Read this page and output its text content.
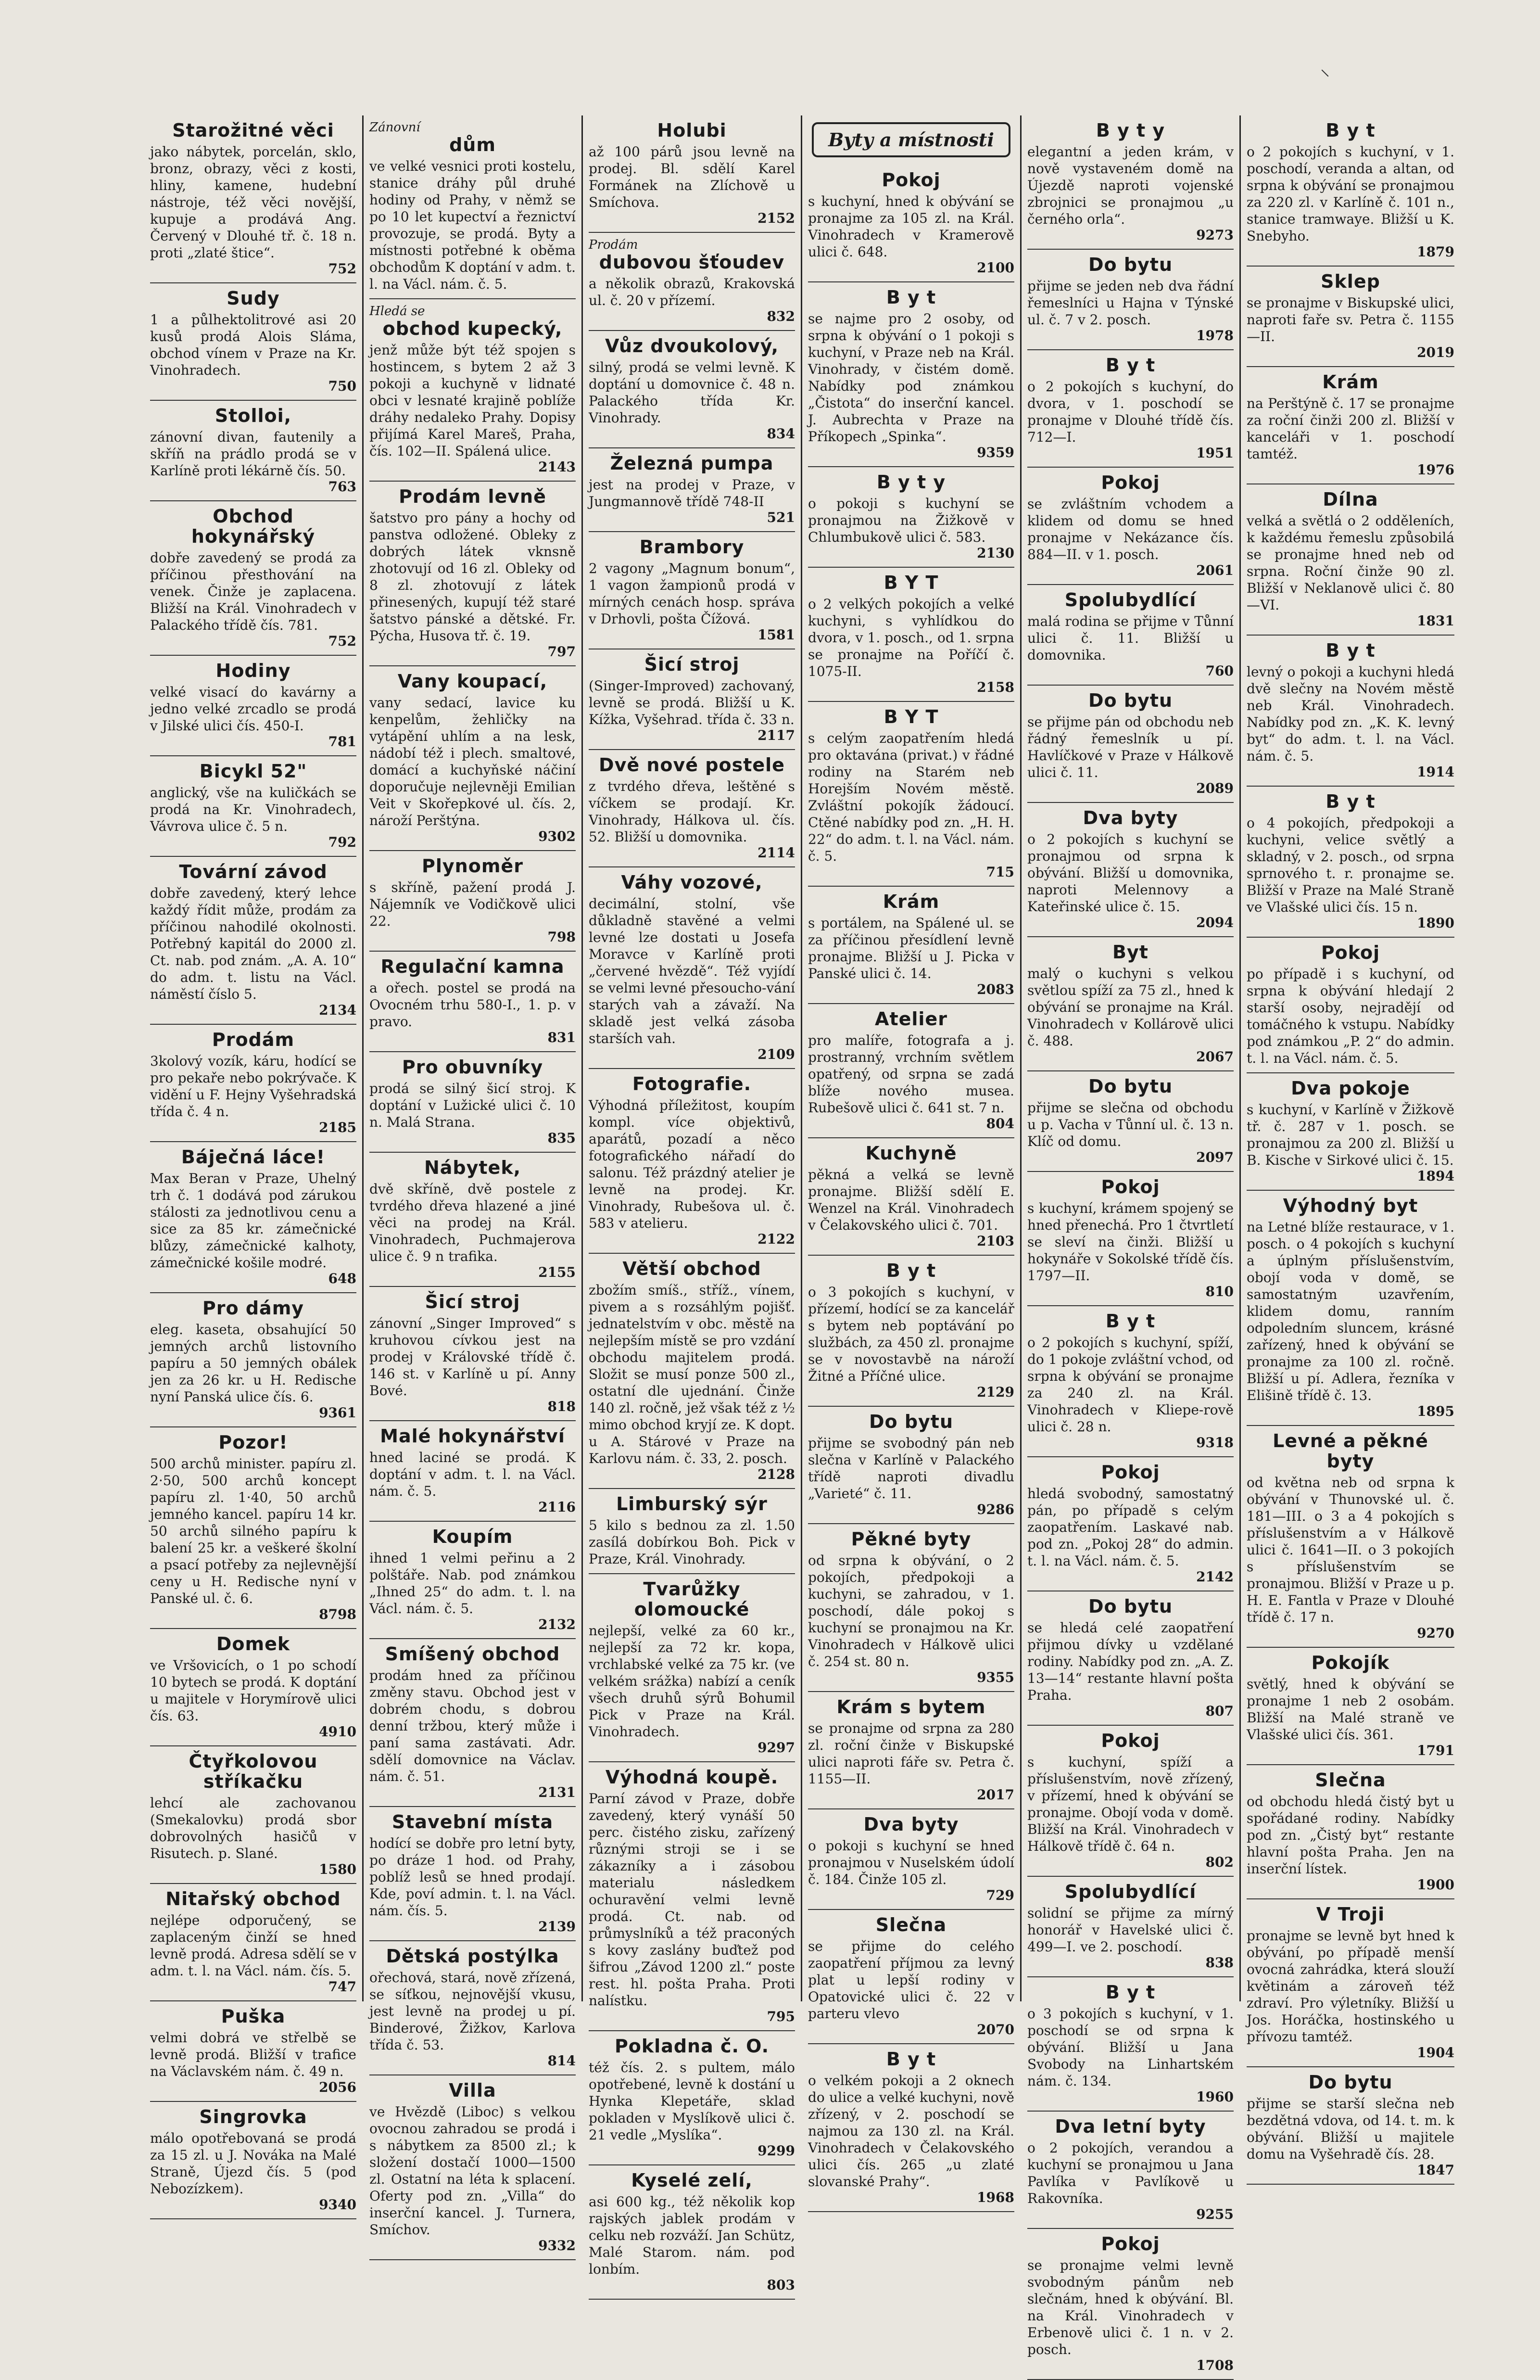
Starožitné věci

jako nábytek, porcelán, sklo, bronz, obrazy, věci z kosti, hliny, kamene, hudební nástroje, též věci novější, kupuje a prodává Ang. Červený v Dlouhé tř. č. 18 n. proti „zlaté štice“.

752
Sudy

1 a půlhektolitrové asi 20 kusů prodá Alois Sláma, obchod vínem v Praze na Kr. Vinohradech.

750
Stolloi,

zánovní divan, fautenily a skříň na prádlo prodá se v Karlíně proti lékárně čís. 50.

763
Obchod hokynářský

dobře zavedený se prodá za příčinou přesthování na venek. Činže je zaplacena. Bližší na Král. Vinohradech v Palackého třídě čís. 781.

752
Hodiny

velké visací do kavárny a jedno velké zrcadlo se prodá v Jilské ulici čís. 450-I.

781
Bicykl 52"

anglický, vše na kuličkách se prodá na Kr. Vinohradech, Vávrova ulice č. 5 n.

792
Tovární závod

dobře zavedený, který lehce každý řídit může, prodám za příčinou nahodilé okolnosti. Potřebný kapitál do 2000 zl. Ct. nab. pod znám. „A. A. 10“ do adm. t. listu na Václ. náměstí číslo 5.

2134
Prodám

3kolový vozík, káru, hodící se pro pekaře nebo pokrývače. K vidění u F. Hejny Vyšehradská třída č. 4 n.

2185
Báječná láce!

Max Beran v Praze, Uhelný trh č. 1 dodává pod zárukou stálosti za jednotlivou cenu a sice za 85 kr. zámečnické blůzy, zámečnické kalhoty, zámečnické košile modré.

648
Pro dámy

eleg. kaseta, obsahující 50 jemných archů listovního papíru a 50 jemných obálek jen za 26 kr. u H. Redische nyní Panská ulice čís. 6.

9361
Pozor!

500 archů minister. papíru zl. 2·50, 500 archů koncept papíru zl. 1·40, 50 archů jemného kancel. papíru 14 kr. 50 archů silného papíru k balení 25 kr. a veškeré školní a psací potřeby za nejlevnější ceny u H. Redische nyní v Panské ul. č. 6.

8798
Domek

ve Vršovicích, o 1 po schodí 10 bytech se prodá. K doptání u majitele v Horymírově ulici čís. 63.

4910
Čtyřkolovou stříkačku

lehcí ale zachovanou (Smekalovku) prodá sbor dobrovolných hasičů v Risutech. p. Slané.

1580
Nitařský obchod

nejlépe odporučený, se zaplaceným činží se hned levně prodá. Adresa sdělí se v adm. t. l. na Václ. nám. čís. 5.

747
Puška

velmi dobrá ve střelbě se levně prodá. Bližší v trafice na Václavském nám. č. 49 n.

2056
Singrovka

málo opotřebovaná se prodá za 15 zl. u J. Nováka na Malé Straně, Újezd čís. 5 (pod Nebozízkem).

9340
Zánovní
dům

ve velké vesnici proti kostelu, stanice dráhy půl druhé hodiny od Prahy, v němž se po 10 let kupectví a řeznictví provozuje, se prodá. Byty a místnosti potřebné k oběma obchodům K doptání v adm. t. l. na Václ. nám. č. 5.

Hledá se
obchod kupecký,

jenž může být též spojen s hostincem, s bytem 2 až 3 pokoji a kuchyně v lidnaté obci v lesnaté krajině poblíže dráhy nedaleko Prahy. Dopisy přijímá Karel Mareš, Praha, čís. 102—II. Spálená ulice.

2143
Prodám levně

šatstvo pro pány a hochy od panstva odložené. Obleky z dobrých látek vknsně zhotovují od 16 zl. Obleky od 8 zl. zhotovují z látek přinesených, kupují též staré šatstvo pánské a dětské. Fr. Pýcha, Husova tř. č. 19.

797
Vany koupací,

vany sedací, lavice ku kenpelům, žehličky na vytápění uhlím a na lesk, nádobí též i plech. smaltové, domácí a kuchyňské náčiní doporučuje nejlevněji Emilian Veit v Skořepkové ul. čís. 2, nároží Perštýna.

9302
Plynoměr

s skříně, pažení prodá J. Nájemník ve Vodičkově ulici 22.

798
Regulační kamna

a ořech. postel se prodá na Ovocném trhu 580-I., 1. p. v pravo.

831
Pro obuvníky

prodá se silný šicí stroj. K doptání v Lužické ulici č. 10 n. Malá Strana.

835
Nábytek,

dvě skříně, dvě postele z tvrdého dřeva hlazené a jiné věci na prodej na Král. Vinohradech, Puchmajerova ulice č. 9 n trafika.

2155
Šicí stroj

zánovní „Singer Improved“ s kruhovou cívkou jest na prodej v Královské třídě č. 146 st. v Karlíně u pí. Anny Bové.

818
Malé hokynářství

hned laciné se prodá. K doptání v adm. t. l. na Václ. nám. č. 5.

2116
Koupím

ihned 1 velmi peřinu a 2 polštáře. Nab. pod známkou „Ihned 25“ do adm. t. l. na Václ. nám. č. 5.

2132
Smíšený obchod

prodám hned za příčinou změny stavu. Obchod jest v dobrém chodu, s dobrou denní tržbou, který může i paní sama zastávati. Adr. sdělí domovnice na Václav. nám. č. 51.

2131
Stavební místa

hodící se dobře pro letní byty, po dráze 1 hod. od Prahy, poblíž lesů se hned prodají. Kde, poví admin. t. l. na Václ. nám. čís. 5.

2139
Dětská postýlka

ořechová, stará, nově zřízená, se síťkou, nejnovější vkusu, jest levně na prodej u pí. Binderové, Žižkov, Karlova třída č. 53.

814
Villa

ve Hvězdě (Liboc) s velkou ovocnou zahradou se prodá i s nábytkem za 8500 zl.; k složení dostačí 1000—1500 zl. Ostatní na léta k splacení. Oferty pod zn. „Villa“ do inserční kancel. J. Turnera, Smíchov.

9332
Holubi

až 100 párů jsou levně na prodej. Bl. sdělí Karel Formánek na Zlíchově u Smíchova.

2152
Prodám
dubovou šťoudev

a několik obrazů, Krakovská ul. č. 20 v přízemí.

832
Vůz dvoukolový,

silný, prodá se velmi levně. K doptání u domovnice č. 48 n. Palackého třída Kr. Vinohrady.

834
Železná pumpa

jest na prodej v Praze, v Jungmannově třídě 748-II

521
Brambory

2 vagony „Magnum bonum“, 1 vagon žampionů prodá v mírných cenách hosp. správa v Drhovli, pošta Čížová.

1581
Šicí stroj

(Singer-Improved) zachovaný, levně se prodá. Bližší u K. Kížka, Vyšehrad. třída č. 33 n.

2117
Dvě nové postele

z tvrdého dřeva, leštěné s víčkem se prodají. Kr. Vinohrady, Hálkova ul. čís. 52. Bližší u domovnika.

2114
Váhy vozové,

decimální, stolní, vše důkladně stavěné a velmi levné lze dostati u Josefa Moravce v Karlíně proti „červené hvězdě“. Též vyjídí se velmi levné přesoucho-vání starých vah a závaží. Na skladě jest velká zásoba starších vah.

2109
Fotografie.

Výhodná příležitost, koupím kompl. více objektivů, aparátů, pozadí a něco fotografického nářadí do salonu. Též prázdný atelier je levně na prodej. Kr. Vinohrady, Rubešova ul. č. 583 v atelieru.

2122
Větší obchod

zbožím smíš., stříž., vínem, pivem a s rozsáhlým pojišť. jednatelstvím v obc. městě na nejlepším místě se pro vzdání obchodu majitelem prodá. Složit se musí ponze 500 zl., ostatní dle ujednání. Činže 140 zl. ročně, jež však též z ½ mimo obchod kryjí ze. K dopt. u A. Stárové v Praze na Karlovu nám. č. 33, 2. posch.

2128
Limburský sýr

5 kilo s bednou za zl. 1.50 zasílá dobírkou Boh. Pick v Praze, Král. Vinohrady.

Tvarůžky olomoucké

nejlepší, velké za 60 kr., nejlepší za 72 kr. kopa, vrchlabské velké za 75 kr. (ve velkém srážka) nabízí a ceník všech druhů sýrů Bohumil Pick v Praze na Král. Vinohradech.

9297
Výhodná koupě.

Parní závod v Praze, dobře zavedený, který vynáší 50 perc. čistého zisku, zařízený různými stroji se i se zákazníky a i zásobou materialu následkem ochuravění velmi levně prodá. Ct. nab. od průmyslníků a též praconých s kovy zaslány buďtež pod šifrou „Závod 1200 zl.“ poste rest. hl. pošta Praha. Proti nalístku.

795
Pokladna č. O.

též čís. 2. s pultem, málo opotřebené, levně k dostání u Hynka Klepetáře, sklad pokladen v Myslíkově ulici č. 21 vedle „Myslíka“.

9299
Kyselé zelí,

asi 600 kg., též několik kop rajských jablek prodám v celku neb rozváží. Jan Schütz, Malé Starom. nám. pod lonbím.

803
Byty a místnosti
Pokoj

s kuchyní, hned k obývání se pronajme za 105 zl. na Král. Vinohradech v Kramerově ulici č. 648.

2100
B y t

se najme pro 2 osoby, od srpna k obývání o 1 pokoji s kuchyní, v Praze neb na Král. Vinohrady, v čistém domě. Nabídky pod známkou „Čistota“ do inserční kancel. J. Aubrechta v Praze na Příkopech „Spinka“.

9359
B y t y

o pokoji s kuchyní se pronajmou na Žižkově v Chlumbukově ulici č. 583.

2130
B Y T

o 2 velkých pokojích a velké kuchyni, s vyhlídkou do dvora, v 1. posch., od 1. srpna se pronajme na Poříčí č. 1075-II.

2158
B Y T

s celým zaopatřením hledá pro oktavána (privat.) v řádné rodiny na Starém neb Horejším Novém městě. Zvláštní pokojík žádoucí. Ctěné nabídky pod zn. „H. H. 22“ do adm. t. l. na Václ. nám. č. 5.

715
Krám

s portálem, na Spálené ul. se za příčinou přesídlení levně pronajme. Bližší u J. Picka v Panské ulici č. 14.

2083
Atelier

pro malíře, fotografa a j. prostranný, vrchním světlem opatřený, od srpna se zadá blíže nového musea. Rubešově ulici č. 641 st. 7 n.

804
Kuchyně

pěkná a velká se levně pronajme. Bližší sdělí E. Wenzel na Král. Vinohradech v Čelakovského ulici č. 701.

2103
B y t

o 3 pokojích s kuchyní, v přízemí, hodící se za kancelář s bytem neb poptávání po službách, za 450 zl. pronajme se v novostavbě na nároží Žitné a Příčné ulice.

2129
Do bytu

přijme se svobodný pán neb slečna v Karlíně v Palackého třídě naproti divadlu „Varieté“ č. 11.

9286
Pěkné byty

od srpna k obývání, o 2 pokojích, předpokoji a kuchyni, se zahradou, v 1. poschodí, dále pokoj s kuchyní se pronajmou na Kr. Vinohradech v Hálkově ulici č. 254 st. 80 n.

9355
Krám s bytem

se pronajme od srpna za 280 zl. roční činže v Biskupské ulici naproti fáře sv. Petra č. 1155—II.

2017
Dva byty

o pokoji s kuchyní se hned pronajmou v Nuselském údolí č. 184. Činže 105 zl.

729
Slečna

se přijme do celého zaopatření příjmou za levný plat u lepší rodiny v Opatovické ulici č. 22 v parteru vlevo

2070
B y t

o velkém pokoji a 2 oknech do ulice a velké kuchyni, nově zřízený, v 2. poschodí se najmou za 130 zl. na Král. Vinohradech v Čelakovského ulici čís. 265 „u zlaté slovanské Prahy“.

1968
B y t y

elegantní a jeden krám, v nově vystaveném domě na Újezdě naproti vojenské zbrojnici se pronajmou „u černého orla“.

9273
Do bytu

přijme se jeden neb dva řádní řemeslníci u Hajna v Týnské ul. č. 7 v 2. posch.

1978
B y t

o 2 pokojích s kuchyní, do dvora, v 1. poschodí se pronajme v Dlouhé třídě čís. 712—I.

1951
Pokoj

se zvláštním vchodem a klidem od domu se hned pronajme v Nekázance čís. 884—II. v 1. posch.

2061
Spolubydlící

malá rodina se přijme v Tůnní ulici č. 11. Bližší u domovnika.

760
Do bytu

se přijme pán od obchodu neb řádný řemeslník u pí. Havlíčkové v Praze v Hálkově ulici č. 11.

2089
Dva byty

o 2 pokojích s kuchyní se pronajmou od srpna k obývání. Bližší u domovnika, naproti Melennovy a Kateřinské ulice č. 15.

2094
Byt

malý o kuchyni s velkou světlou spíží za 75 zl., hned k obývání se pronajme na Král. Vinohradech v Kollárově ulici č. 488.

2067
Do bytu

přijme se slečna od obchodu u p. Vacha v Tůnní ul. č. 13 n. Klíč od domu.

2097
Pokoj

s kuchyní, krámem spojený se hned přenechá. Pro 1 čtvrtletí se sleví na činži. Bližší u hokynáře v Sokolské třídě čís. 1797—II.

810
B y t

o 2 pokojích s kuchyní, spíží, do 1 pokoje zvláštní vchod, od srpna k obývání se pronajme za 240 zl. na Král. Vinohradech v Kliepe-rově ulici č. 28 n.

9318
Pokoj

hledá svobodný, samostatný pán, po případě s celým zaopatřením. Laskavé nab. pod zn. „Pokoj 28“ do admin. t. l. na Václ. nám. č. 5.

2142
Do bytu

se hledá celé zaopatření přijmou dívky u vzdělané rodiny. Nabídky pod zn. „A. Z. 13—14“ restante hlavní pošta Praha.

807
Pokoj

s kuchyní, spíží a příslušenstvím, nově zřízený, v přízemí, hned k obývání se pronajme. Obojí voda v domě. Bližší na Král. Vinohradech v Hálkově třídě č. 64 n.

802
Spolubydlící

solidní se přijme za mírný honorář v Havelské ulici č. 499—I. ve 2. poschodí.

838
B y t

o 3 pokojích s kuchyní, v 1. poschodí se od srpna k obývání. Bližší u Jana Svobody na Linhartském nám. č. 134.

1960
Dva letní byty

o 2 pokojích, verandou a kuchyní se pronajmou u Jana Pavlíka v Pavlíkově u Rakovníka.

9255
Pokoj

se pronajme velmi levně svobodným pánům neb slečnám, hned k obývání. Bl. na Král. Vinohradech v Erbenově ulici č. 1 n. v 2. posch.

1708
B y t

o 2 pokojích s kuchyní, v 1. poschodí, veranda a altan, od srpna k obývání se pronajmou za 220 zl. v Karlíně č. 101 n., stanice tramwaye. Bližší u K. Snebyho.

1879
Sklep

se pronajme v Biskupské ulici, naproti faře sv. Petra č. 1155—II.

2019
Krám

na Perštýně č. 17 se pronajme za roční činži 200 zl. Bližší v kanceláři v 1. poschodí tamtéž.

1976
Dílna

velká a světlá o 2 odděleních, k každému řemeslu způsobilá se pronajme hned neb od srpna. Roční činže 90 zl. Bližší v Neklanově ulici č. 80—VI.

1831
B y t

levný o pokoji a kuchyni hledá dvě slečny na Novém městě neb Král. Vinohradech. Nabídky pod zn. „K. K. levný byt“ do adm. t. l. na Václ. nám. č. 5.

1914
B y t

o 4 pokojích, předpokoji a kuchyni, velice světlý a skladný, v 2. posch., od srpna sprnového t. r. pronajme se. Bližší v Praze na Malé Straně ve Vlašské ulici čís. 15 n.

1890
Pokoj

po případě i s kuchyní, od srpna k obývání hledají 2 starší osoby, nejradějí od tomáčného k vstupu. Nabídky pod známkou „P. 2“ do admin. t. l. na Václ. nám. č. 5.

Dva pokoje

s kuchyní, v Karlíně v Žižkově tř. č. 287 v 1. posch. se pronajmou za 200 zl. Bližší u B. Kische v Sirkové ulici č. 15.

1894
Výhodný byt

na Letné blíže restaurace, v 1. posch. o 4 pokojích s kuchyní a úplným příslušenstvím, obojí voda v domě, se samostatným uzavřením, klidem domu, ranním odpoledním sluncem, krásné zařízený, hned k obývání se pronajme za 100 zl. ročně. Bližší u pí. Adlera, řezníka v Elišině třídě č. 13.

1895
Levné a pěkné byty

od května neb od srpna k obývání v Thunovské ul. č. 181—III. o 3 a 4 pokojích s příslušenstvím a v Hálkově ulici č. 1641—II. o 3 pokojích s příslušenstvím se pronajmou. Bližší v Praze u p. H. E. Fantla v Praze v Dlouhé třídě č. 17 n.

9270
Pokojík

světlý, hned k obývání se pronajme 1 neb 2 osobám. Bližší na Malé straně ve Vlašské ulici čís. 361.

1791
Slečna

od obchodu hledá čistý byt u spořádané rodiny. Nabídky pod zn. „Čistý byt“ restante hlavní pošta Praha. Jen na inserční lístek.

1900
V Troji

pronajme se levně byt hned k obývání, po případě menší ovocná zahrádka, která slouží květinám a zároveň též zdraví. Pro výletníky. Bližší u Jos. Horáčka, hostinského u přívozu tamtéž.

1904
Do bytu

přijme se starší slečna neb bezdětná vdova, od 14. t. m. k obývání. Bližší u majitele domu na Vyšehradě čís. 28.

1847
⸌
